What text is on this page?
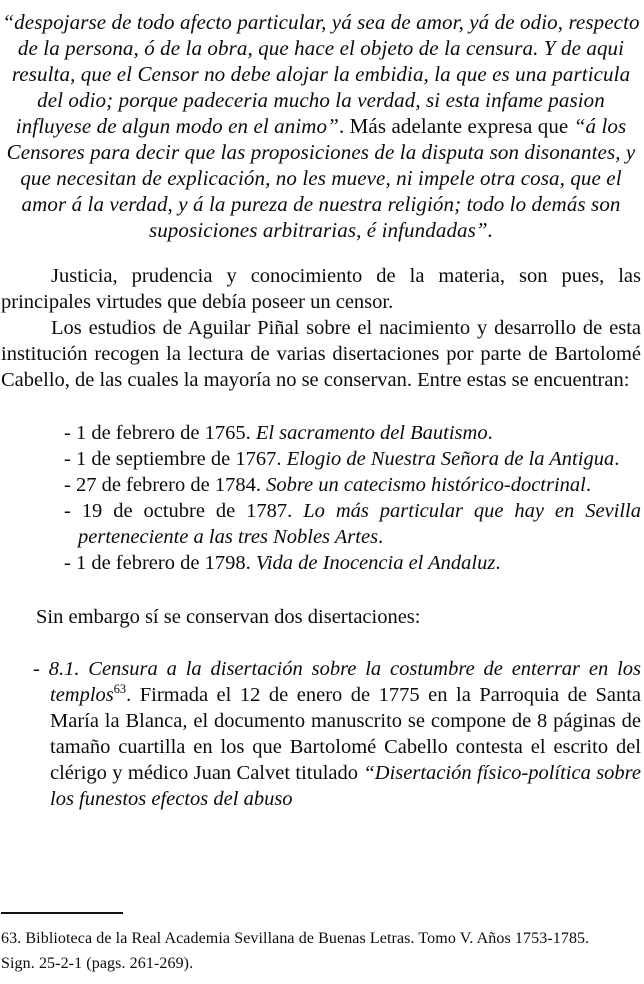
“despojarse de todo afecto particular, yá sea de amor, yá de odio, respecto de la persona, ó de la obra, que hace el objeto de la censura. Y de aqui resulta, que el Censor no debe alojar la embidia, la que es una particula del odio; porque padeceria mucho la verdad, si esta infame pasion influyese de algun modo en el animo”. Más adelante expresa que “á los Censores para decir que las proposiciones de la disputa son disonantes, y que necesitan de explicación, no les mueve, ni impele otra cosa, que el amor á la verdad, y á la pureza de nuestra religión; todo lo demás son suposiciones arbitrarias, é infundadas”.

Justicia, prudencia y conocimiento de la materia, son pues, las principales virtudes que debía poseer un censor.

Los estudios de Aguilar Piñal sobre el nacimiento y desarrollo de esta institución recogen la lectura de varias disertaciones por parte de Bartolomé Cabello, de las cuales la mayoría no se conservan. Entre estas se encuentran:

- 1 de febrero de 1765. El sacramento del Bautismo.

- 1 de septiembre de 1767. Elogio de Nuestra Señora de la Antigua.

- 27 de febrero de 1784. Sobre un catecismo histórico-doctrinal.

- 19 de octubre de 1787. Lo más particular que hay en Sevilla perteneciente a las tres Nobles Artes.

- 1 de febrero de 1798. Vida de Inocencia el Andaluz.

Sin embargo sí se conservan dos disertaciones:

- 8.1. Censura a la disertación sobre la costumbre de enterrar en los templos$^{63}$. Firmada el 12 de enero de 1775 en la Parroquia de Santa María la Blanca, el documento manuscrito se compone de 8 páginas de tamaño cuartilla en los que Bartolomé Cabello contesta el escrito del clérigo y médico Juan Calvet titulado “Disertación físico-política sobre los funestos efectos del abuso

63. Biblioteca de la Real Academia Sevillana de Buenas Letras. Tomo V. Años 1753-1785.
Sign. 25-2-1 (pags. 261-269).
